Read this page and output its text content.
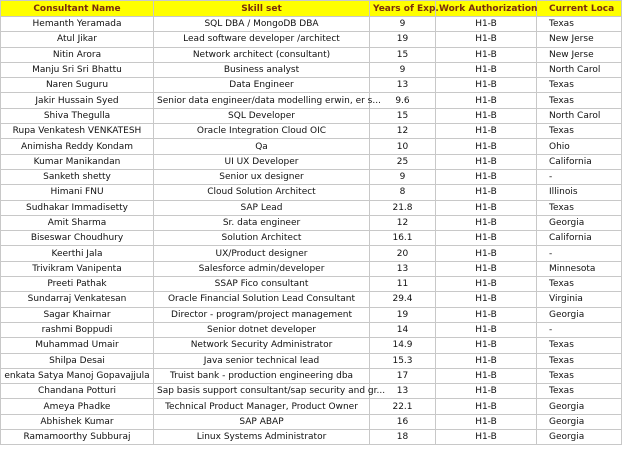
Consultant Name	Skill set	Years of Exp.	Work Authorization	Current Loca
Hemanth Yeramada	SQL DBA / MongoDB DBA	9	H1-B	Texas
Atul Jikar	Lead software developer /architect	19	H1-B	New Jerse
Nitin Arora	Network architect (consultant)	15	H1-B	New Jerse
Manju Sri Sri Bhattu	Business analyst	9	H1-B	North Carol
Naren Suguru	Data Engineer	13	H1-B	Texas
Jakir Hussain Syed	Senior data engineer/data modelling erwin, er s...	9.6	H1-B	Texas
Shiva Thegulla	SQL Developer	15	H1-B	North Carol
Rupa Venkatesh VENKATESH	Oracle Integration Cloud OIC	12	H1-B	Texas
Animisha Reddy Kondam	Qa	10	H1-B	Ohio
Kumar Manikandan	UI UX Developer	25	H1-B	California
Sanketh shetty	Senior ux designer	9	H1-B	-
Himani FNU	Cloud Solution Architect	8	H1-B	Illinois
Sudhakar Immadisetty	SAP Lead	21.8	H1-B	Texas
Amit Sharma	Sr. data engineer	12	H1-B	Georgia
Biseswar Choudhury	Solution Architect	16.1	H1-B	California
Keerthi Jala	UX/Product designer	20	H1-B	-
Trivikram Vanipenta	Salesforce admin/developer	13	H1-B	Minnesota
Preeti Pathak	SSAP Fico consultant	11	H1-B	Texas
Sundarraj Venkatesan	Oracle Financial Solution Lead Consultant	29.4	H1-B	Virginia
Sagar Khairnar	Director - program/project management	19	H1-B	Georgia
rashmi Boppudi	Senior dotnet developer	14	H1-B	-
Muhammad Umair	Network Security Administrator	14.9	H1-B	Texas
Shilpa Desai	Java senior technical lead	15.3	H1-B	Texas
enkata Satya Manoj Gopavajjula	Truist bank - production engineering dba	17	H1-B	Texas
Chandana Potturi	Sap basis support consultant/sap security and gr...	13	H1-B	Texas
Ameya Phadke	Technical Product Manager, Product Owner	22.1	H1-B	Georgia
Abhishek Kumar	SAP ABAP	16	H1-B	Georgia
Ramamoorthy Subburaj	Linux Systems Administrator	18	H1-B	Georgia
